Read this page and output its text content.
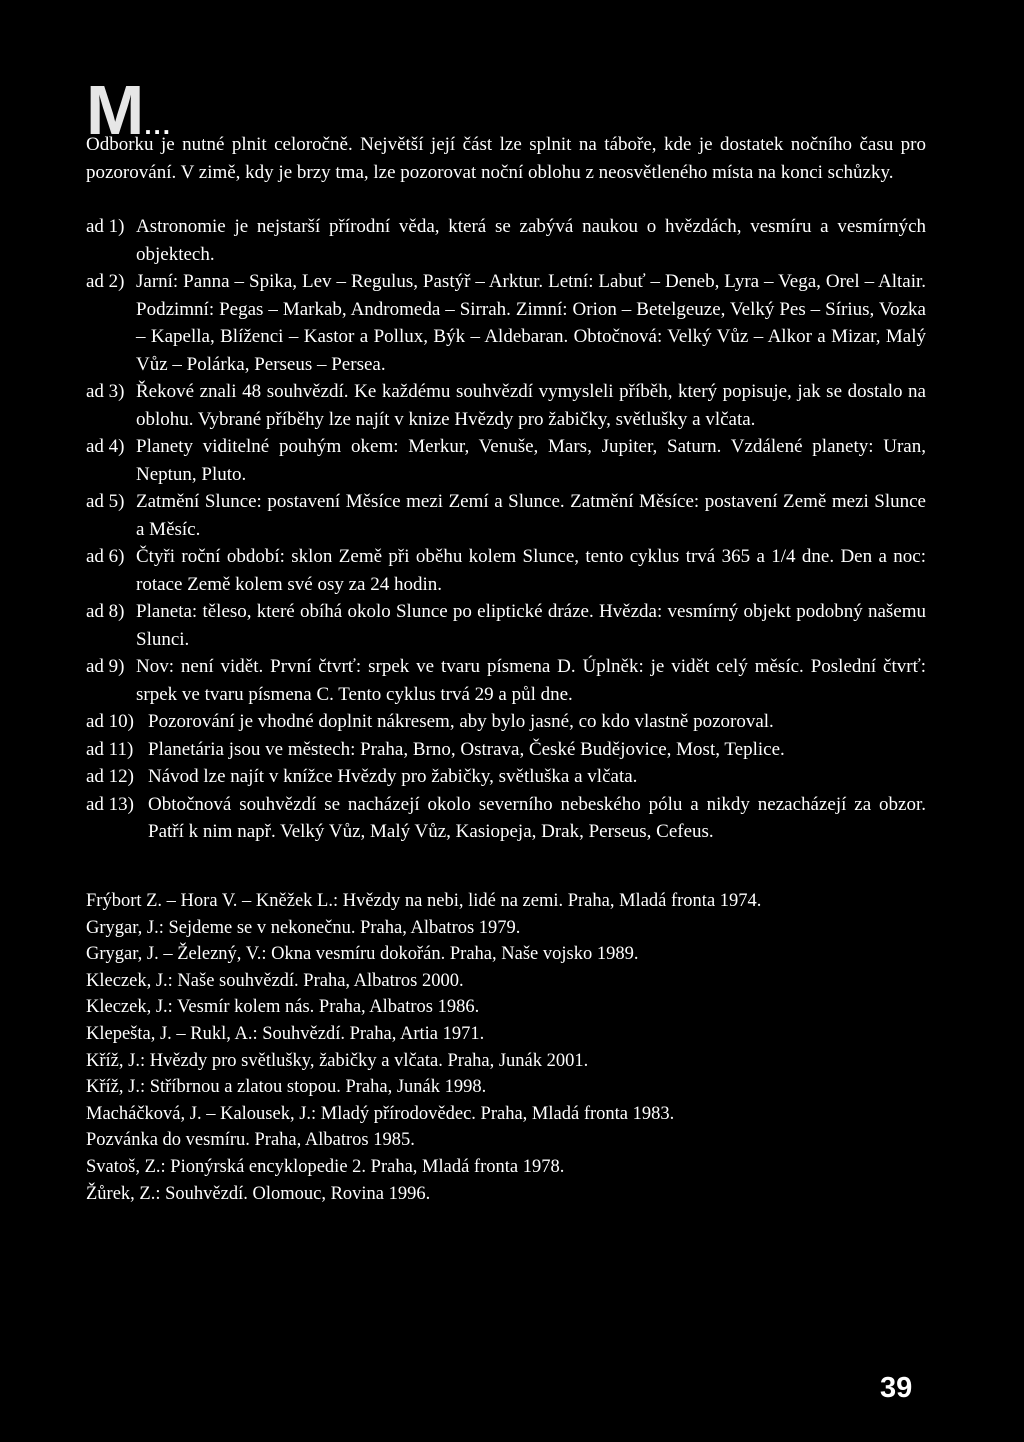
M...

Odborku je nutné plnit celoročně. Největší její část lze splnit na táboře, kde je dostatek nočního času pro pozorování. V zimě, kdy je brzy tma, lze pozorovat noční oblohu z neosvětleného místa na konci schůzky.

ad 1) Astronomie je nejstarší přírodní věda, která se zabývá naukou o hvězdách, vesmíru a vesmírných objektech.
ad 2) Jarní: Panna – Spika, Lev – Regulus, Pastýř – Arktur. Letní: Labuť – Deneb, Lyra – Vega, Orel – Altair. Podzimní: Pegas – Markab, Andromeda – Sirrah. Zimní: Orion – Betelgeuze, Velký Pes – Sírius, Vozka – Kapella, Blíženci – Kastor a Pollux, Býk – Aldebaran. Obtočnová: Velký Vůz – Alkor a Mizar, Malý Vůz – Polárka, Perseus – Persea.
ad 3) Řekové znali 48 souhvězdí. Ke každému souhvězdí vymysleli příběh, který popisuje, jak se dostalo na oblohu. Vybrané příběhy lze najít v knize Hvězdy pro žabičky, světlušky a vlčata.
ad 4) Planety viditelné pouhým okem: Merkur, Venuše, Mars, Jupiter, Saturn. Vzdálené planety: Uran, Neptun, Pluto.
ad 5) Zatmění Slunce: postavení Měsíce mezi Zemí a Slunce. Zatmění Měsíce: postavení Země mezi Slunce a Měsíc.
ad 6) Čtyři roční období: sklon Země při oběhu kolem Slunce, tento cyklus trvá 365 a 1/4 dne. Den a noc: rotace Země kolem své osy za 24 hodin.
ad 8) Planeta: těleso, které obíhá okolo Slunce po eliptické dráze. Hvězda: vesmírný objekt podobný našemu Slunci.
ad 9) Nov: není vidět. První čtvrť: srpek ve tvaru písmena D. Úplněk: je vidět celý měsíc. Poslední čtvrť: srpek ve tvaru písmena C. Tento cyklus trvá 29 a půl dne.
ad 10) Pozorování je vhodné doplnit nákresem, aby bylo jasné, co kdo vlastně pozoroval.
ad 11) Planetária jsou ve městech: Praha, Brno, Ostrava, České Budějovice, Most, Teplice.
ad 12) Návod lze najít v knížce Hvězdy pro žabičky, světluška a vlčata.
ad 13) Obtočnová souhvězdí se nacházejí okolo severního nebeského pólu a nikdy nezacházejí za obzor. Patří k nim např. Velký Vůz, Malý Vůz, Kasiopeja, Drak, Perseus, Cefeus.
Frýbort Z. – Hora V. – Kněžek L.: Hvězdy na nebi, lidé na zemi. Praha, Mladá fronta 1974.
Grygar, J.: Sejdeme se v nekonečnu. Praha, Albatros 1979.
Grygar, J. – Železný, V.: Okna vesmíru dokořán. Praha, Naše vojsko 1989.
Kleczek, J.: Naše souhvězdí. Praha, Albatros 2000.
Kleczek, J.: Vesmír kolem nás. Praha, Albatros 1986.
Klepešta, J. – Rukl, A.: Souhvězdí. Praha, Artia 1971.
Kříž, J.: Hvězdy pro světlušky, žabičky a vlčata. Praha, Junák 2001.
Kříž, J.: Stříbrnou a zlatou stopou. Praha, Junák 1998.
Macháčková, J. – Kalousek, J.: Mladý přírodovědec. Praha, Mladá fronta 1983.
Pozvánka do vesmíru. Praha, Albatros 1985.
Svatoš, Z.: Pionýrská encyklopedie 2. Praha, Mladá fronta 1978.
Žůrek, Z.: Souhvězdí. Olomouc, Rovina 1996.
39
